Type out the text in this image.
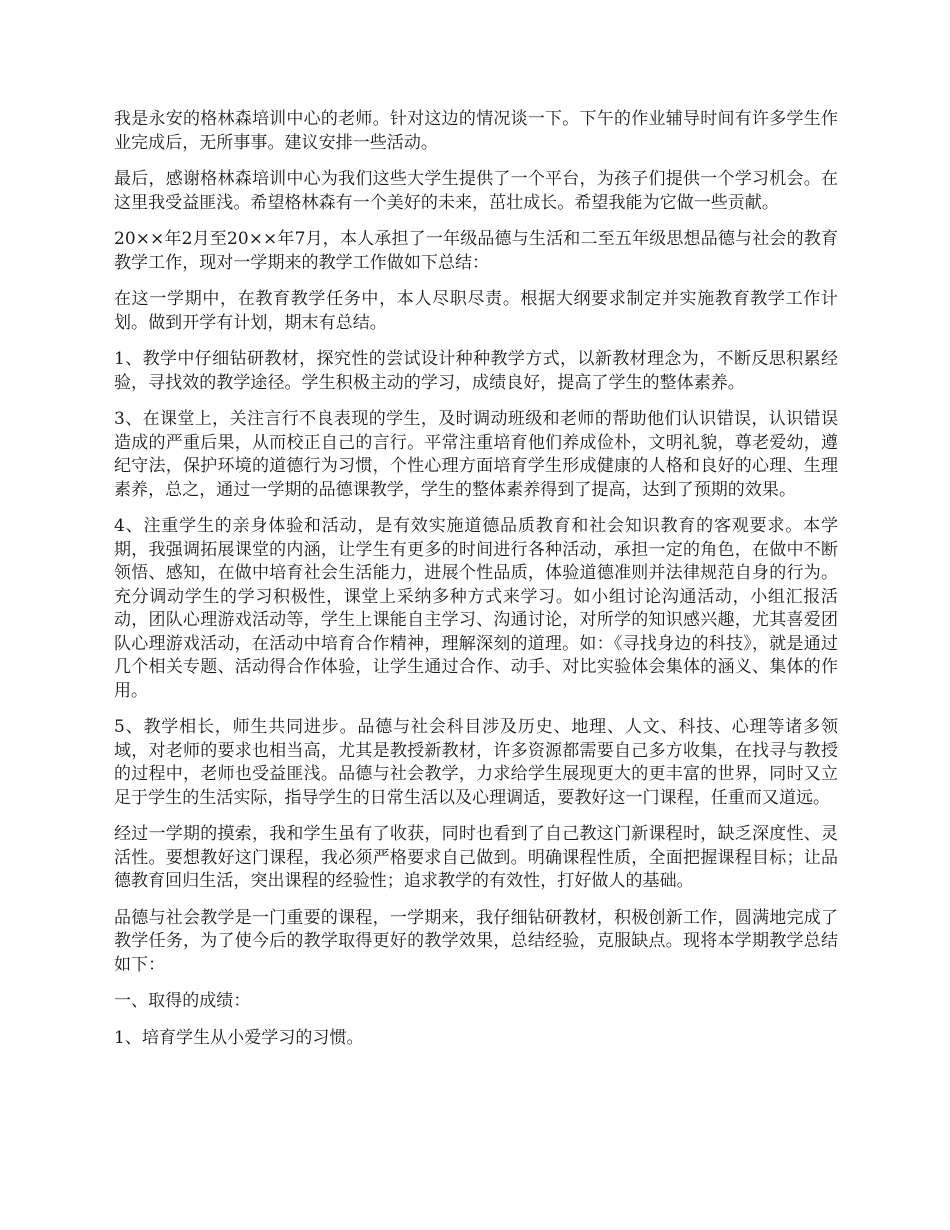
我是永安的格林森培训中心的老师。针对这边的情况谈一下。下午的作业辅导时间有许多学生作业完成后，无所事事。建议安排一些活动。

最后，感谢格林森培训中心为我们这些大学生提供了一个平台，为孩子们提供一个学习机会。在这里我受益匪浅。希望格林森有一个美好的未来，茁壮成长。希望我能为它做一些贡献。

20××年2月至20××年7月，本人承担了一年级品德与生活和二至五年级思想品德与社会的教育教学工作，现对一学期来的教学工作做如下总结：

在这一学期中，在教育教学任务中，本人尽职尽责。根据大纲要求制定并实施教育教学工作计划。做到开学有计划，期末有总结。

1、教学中仔细钻研教材，探究性的尝试设计种种教学方式，以新教材理念为，不断反思积累经验，寻找效的教学途径。学生积极主动的学习，成绩良好，提高了学生的整体素养。

3、在课堂上，关注言行不良表现的学生，及时调动班级和老师的帮助他们认识错误，认识错误造成的严重后果，从而校正自己的言行。平常注重培育他们养成俭朴，文明礼貌，尊老爱幼，遵纪守法，保护环境的道德行为习惯，个性心理方面培育学生形成健康的人格和良好的心理、生理素养，总之，通过一学期的品德课教学，学生的整体素养得到了提高，达到了预期的效果。

4、注重学生的亲身体验和活动，是有效实施道德品质教育和社会知识教育的客观要求。本学期，我强调拓展课堂的内涵，让学生有更多的时间进行各种活动，承担一定的角色，在做中不断领悟、感知，在做中培育社会生活能力，进展个性品质，体验道德准则并法律规范自身的行为。充分调动学生的学习积极性，课堂上采纳多种方式来学习。如小组讨论沟通活动，小组汇报活动，团队心理游戏活动等，学生上课能自主学习、沟通讨论，对所学的知识感兴趣，尤其喜爱团队心理游戏活动，在活动中培育合作精神，理解深刻的道理。如：《寻找身边的科技》，就是通过几个相关专题、活动得合作体验，让学生通过合作、动手、对比实验体会集体的涵义、集体的作用。

5、教学相长，师生共同进步。品德与社会科目涉及历史、地理、人文、科技、心理等诸多领域，对老师的要求也相当高，尤其是教授新教材，许多资源都需要自己多方收集，在找寻与教授的过程中，老师也受益匪浅。品德与社会教学，力求给学生展现更大的更丰富的世界，同时又立足于学生的生活实际，指导学生的日常生活以及心理调适，要教好这一门课程，任重而又道远。

经过一学期的摸索，我和学生虽有了收获，同时也看到了自己教这门新课程时，缺乏深度性、灵活性。要想教好这门课程，我必须严格要求自己做到。明确课程性质，全面把握课程目标；让品德教育回归生活，突出课程的经验性；追求教学的有效性，打好做人的基础。

品德与社会教学是一门重要的课程，一学期来，我仔细钻研教材，积极创新工作，圆满地完成了教学任务，为了使今后的教学取得更好的教学效果，总结经验，克服缺点。现将本学期教学总结如下：

一、取得的成绩：

1、培育学生从小爱学习的习惯。
